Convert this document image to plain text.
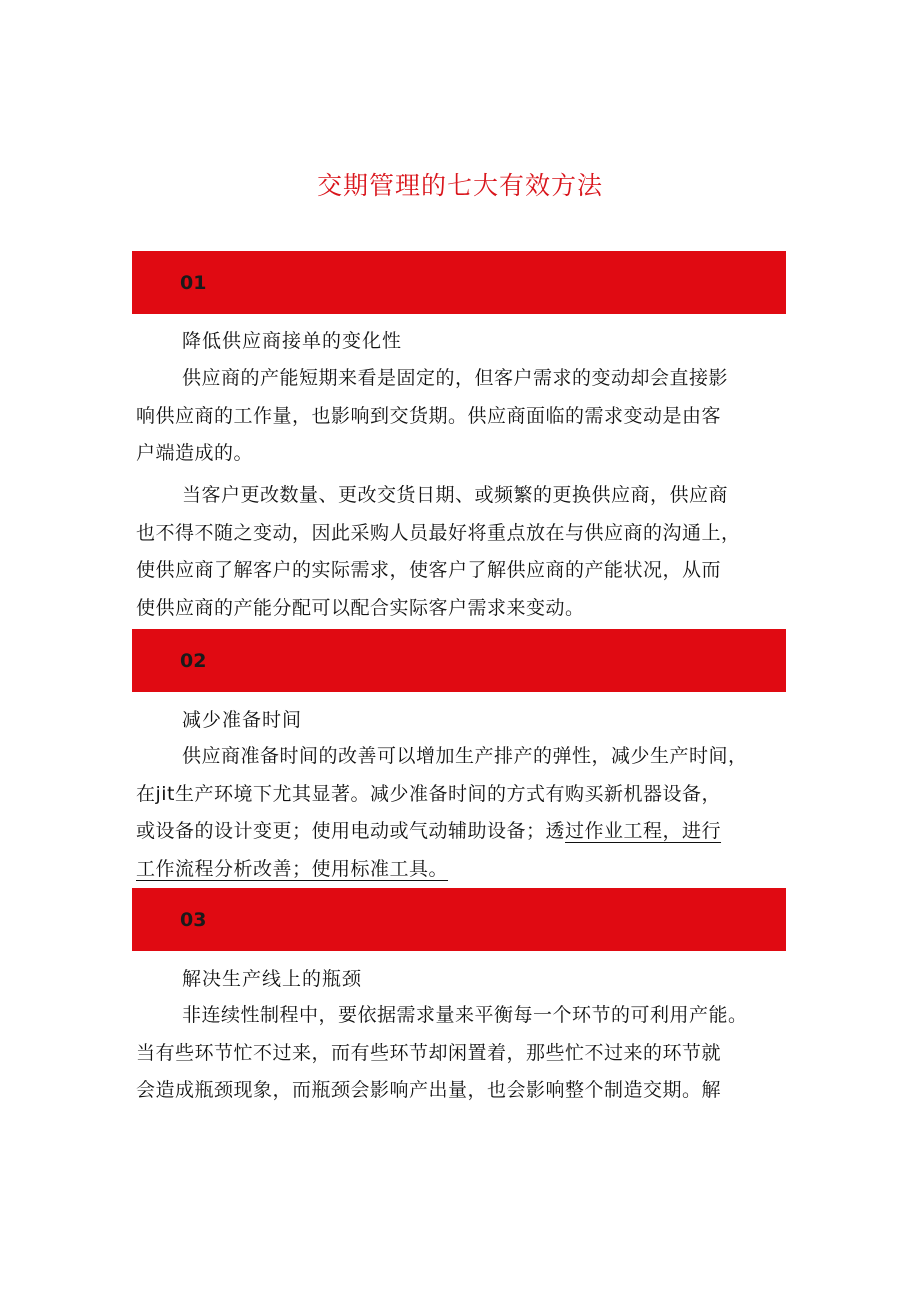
交期管理的七大有效方法
01
降低供应商接单的变化性
供应商的产能短期来看是固定的，但客户需求的变动却会直接影
响供应商的工作量，也影响到交货期。供应商面临的需求变动是由客
户端造成的。
当客户更改数量、更改交货日期、或频繁的更换供应商，供应商
也不得不随之变动，因此采购人员最好将重点放在与供应商的沟通上，
使供应商了解客户的实际需求，使客户了解供应商的产能状况，从而
使供应商的产能分配可以配合实际客户需求来变动。
02
减少准备时间
供应商准备时间的改善可以增加生产排产的弹性，减少生产时间，
在jit生产环境下尤其显著。减少准备时间的方式有购买新机器设备，
或设备的设计变更；使用电动或气动辅助设备；透过作业工程，进行
工作流程分析改善；使用标准工具。
03
解决生产线上的瓶颈
非连续性制程中，要依据需求量来平衡每一个环节的可利用产能。
当有些环节忙不过来，而有些环节却闲置着，那些忙不过来的环节就
会造成瓶颈现象，而瓶颈会影响产出量，也会影响整个制造交期。解
